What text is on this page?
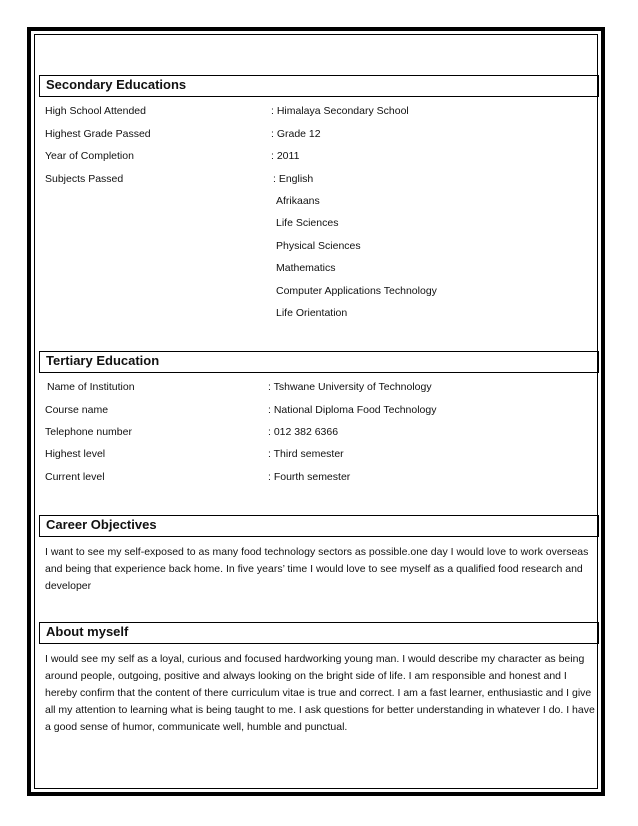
Secondary Educations
High School Attended	: Himalaya Secondary School
Highest Grade Passed	: Grade 12
Year of Completion	: 2011
Subjects Passed	: English
Afrikaans
Life Sciences
Physical Sciences
Mathematics
Computer Applications Technology
Life Orientation
Tertiary Education
Name of Institution	: Tshwane University of Technology
Course name	: National Diploma Food Technology
Telephone number	: 012 382 6366
Highest level	: Third semester
Current level	: Fourth semester
Career Objectives

I want to see my self-exposed to as many food technology sectors as possible.one day I would love to work overseas and being that experience back home. In five years’ time I would love to see myself as a qualified food research and developer

About myself

I would see my self as a loyal, curious and focused hardworking young man. I would describe my character as being around people, outgoing, positive and always looking on the bright side of life. I am responsible and honest and I hereby confirm that the content of there curriculum vitae is true and correct. I am a fast learner, enthusiastic and I give all my attention to learning what is being taught to me. I ask questions for better understanding in whatever I do. I have a good sense of humor, communicate well, humble and punctual.
